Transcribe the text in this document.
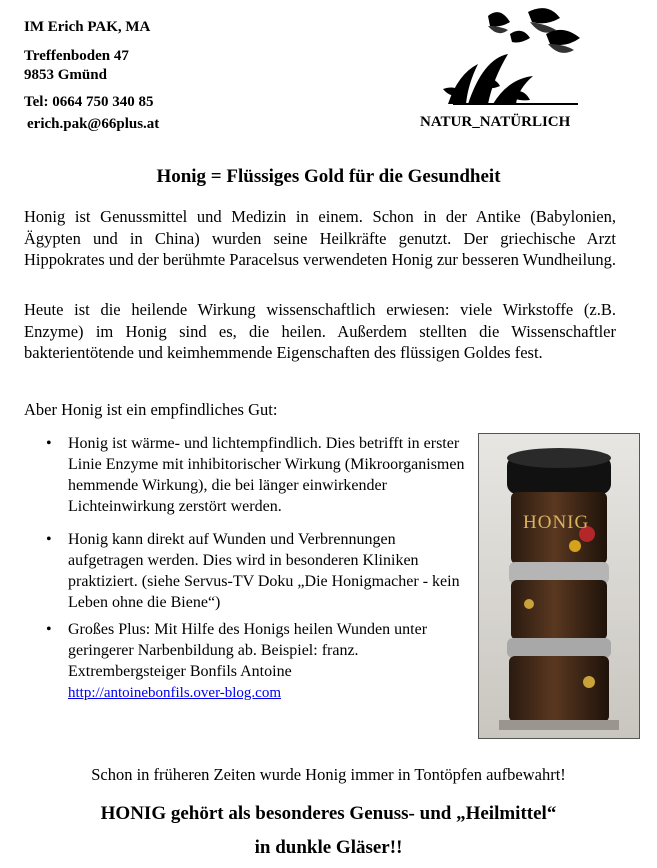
IM Erich PAK, MA
Treffenboden 47
9853 Gmünd
Tel: 0664 750 340 85
erich.pak@66plus.at	NATUR_NATÜRLICH
Honig = Flüssiges Gold für die Gesundheit
Honig ist Genussmittel und Medizin in einem. Schon in der Antike (Babylonien, Ägypten und in China) wurden seine Heilkräfte genutzt. Der griechische Arzt Hippokrates und der berühmte Paracelsus verwendeten Honig zur besseren Wundheilung.
Heute ist die heilende Wirkung wissenschaftlich erwiesen: viele Wirkstoffe (z.B. Enzyme) im Honig sind es, die heilen. Außerdem stellten die Wissenschaftler bakterientötende und keimhemmende Eigenschaften des flüssigen Goldes fest.
Aber Honig ist ein empfindliches Gut:
• Honig ist wärme- und lichtempfindlich. Dies betrifft in erster Linie Enzyme mit inhibitorischer Wirkung (Mikroorganismen hemmende Wirkung), die bei länger einwirkender Lichteinwirkung zerstört werden.
• Honig kann direkt auf Wunden und Verbrennungen aufgetragen werden. Dies wird in besonderen Kliniken praktiziert. (siehe Servus-TV Doku „Die Honigmacher - kein Leben ohne die Biene“)
• Großes Plus: Mit Hilfe des Honigs heilen Wunden unter geringerer Narbenbildung ab. Beispiel: franz. Extrembergsteiger Bonfils Antoine
http://antoinebonfils.over-blog.com
HONIG
Schon in früheren Zeiten wurde Honig immer in Tontöpfen aufbewahrt!
HONIG gehört als besonderes Genuss- und „Heilmittel“
in dunkle Gläser!!
